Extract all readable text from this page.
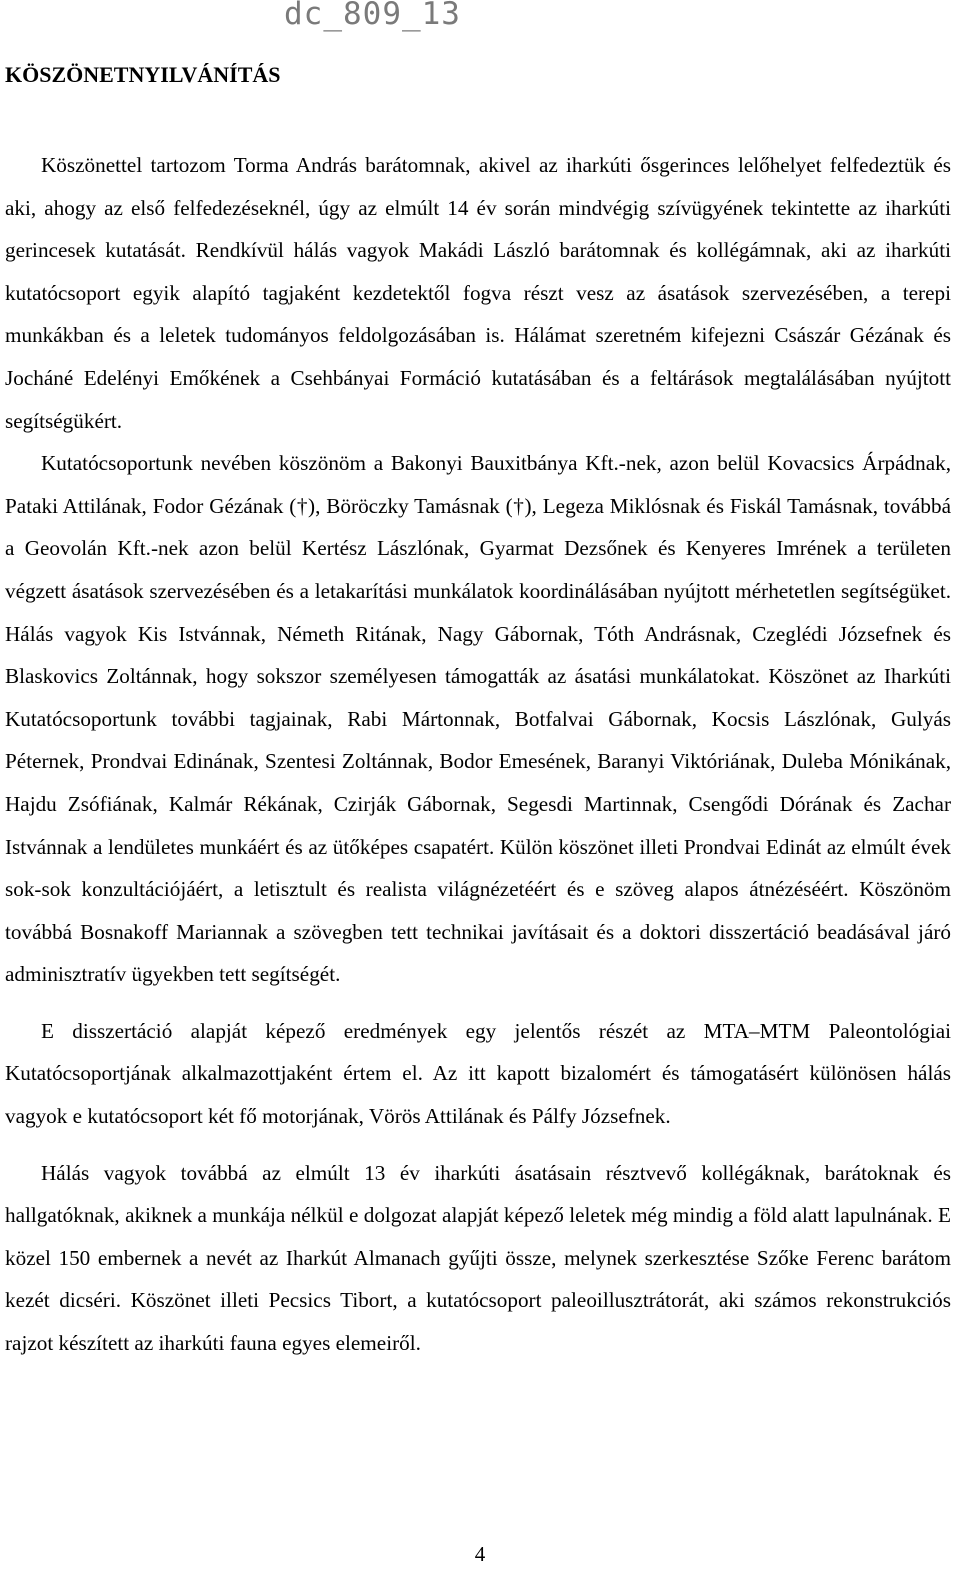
dc_809_13
KÖSZÖNETNYILVÁNÍTÁS

Köszönettel tartozom Torma András barátomnak, akivel az iharkúti ősgerinces lelőhelyet felfedeztük és aki, ahogy az első felfedezéseknél, úgy az elmúlt 14 év során mindvégig szívügyének tekintette az iharkúti gerincesek kutatását. Rendkívül hálás vagyok Makádi László barátomnak és kollégámnak, aki az iharkúti kutatócsoport egyik alapító tagjaként kezdetektől fogva részt vesz az ásatások szervezésében, a terepi munkákban és a leletek tudományos feldolgozásában is. Hálámat szeretném kifejezni Császár Gézának és Jocháné Edelényi Emőkének a Csehbányai Formáció kutatásában és a feltárások megtalálásában nyújtott segítségükért.

Kutatócsoportunk nevében köszönöm a Bakonyi Bauxitbánya Kft.-nek, azon belül Kovacsics Árpádnak, Pataki Attilának, Fodor Gézának (†), Böröczky Tamásnak (†), Legeza Miklósnak és Fiskál Tamásnak, továbbá a Geovolán Kft.-nek azon belül Kertész Lászlónak, Gyarmat Dezsőnek és Kenyeres Imrének a területen végzett ásatások szervezésében és a letakarítási munkálatok koordinálásában nyújtott mérhetetlen segítségüket. Hálás vagyok Kis Istvánnak, Németh Ritának, Nagy Gábornak, Tóth Andrásnak, Czeglédi Józsefnek és Blaskovics Zoltánnak, hogy sokszor személyesen támogatták az ásatási munkálatokat. Köszönet az Iharkúti Kutatócsoportunk további tagjainak, Rabi Mártonnak, Botfalvai Gábornak, Kocsis Lászlónak, Gulyás Péternek, Prondvai Edinának, Szentesi Zoltánnak, Bodor Emesének, Baranyi Viktóriának, Duleba Mónikának, Hajdu Zsófiának, Kalmár Rékának, Czirják Gábornak, Segesdi Martinnak, Csengődi Dórának és Zachar Istvánnak a lendületes munkáért és az ütőképes csapatért. Külön köszönet illeti Prondvai Edinát az elmúlt évek sok-sok konzultációjáért, a letisztult és realista világnézetéért és e szöveg alapos átnézéséért. Köszönöm továbbá Bosnakoff Mariannak a szövegben tett technikai javításait és a doktori disszertáció beadásával járó adminisztratív ügyekben tett segítségét.

E disszertáció alapját képező eredmények egy jelentős részét az MTA–MTM Paleontológiai Kutatócsoportjának alkalmazottjaként értem el. Az itt kapott bizalomért és támogatásért különösen hálás vagyok e kutatócsoport két fő motorjának, Vörös Attilának és Pálfy Józsefnek.

Hálás vagyok továbbá az elmúlt 13 év iharkúti ásatásain résztvevő kollégáknak, barátoknak és hallgatóknak, akiknek a munkája nélkül e dolgozat alapját képező leletek még mindig a föld alatt lapulnának. E közel 150 embernek a nevét az Iharkút Almanach gyűjti össze, melynek szerkesztése Szőke Ferenc barátom kezét dicséri. Köszönet illeti Pecsics Tibort, a kutatócsoport paleoillusztrátorát, aki számos rekonstrukciós rajzot készített az iharkúti fauna egyes elemeiről.

4
